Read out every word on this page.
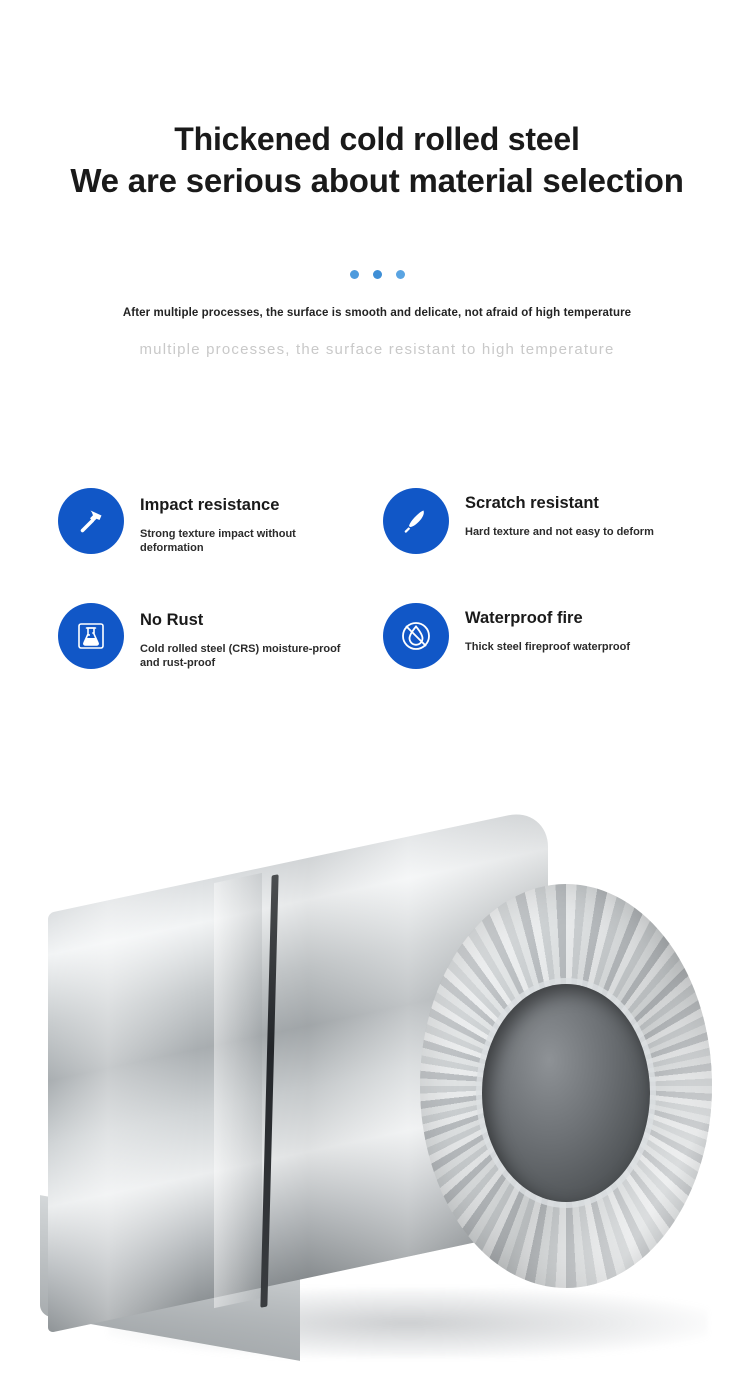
Thickened cold rolled steel
We are serious about material selection
After multiple processes, the surface is smooth and delicate, not afraid of high temperature
multiple processes, the surface resistant to high temperature
Impact resistance
Strong texture impact without deformation
Scratch resistant
Hard texture and not easy to deform
No Rust
Cold rolled steel (CRS) moisture-proof and rust-proof
Waterproof fire
Thick steel fireproof waterproof
